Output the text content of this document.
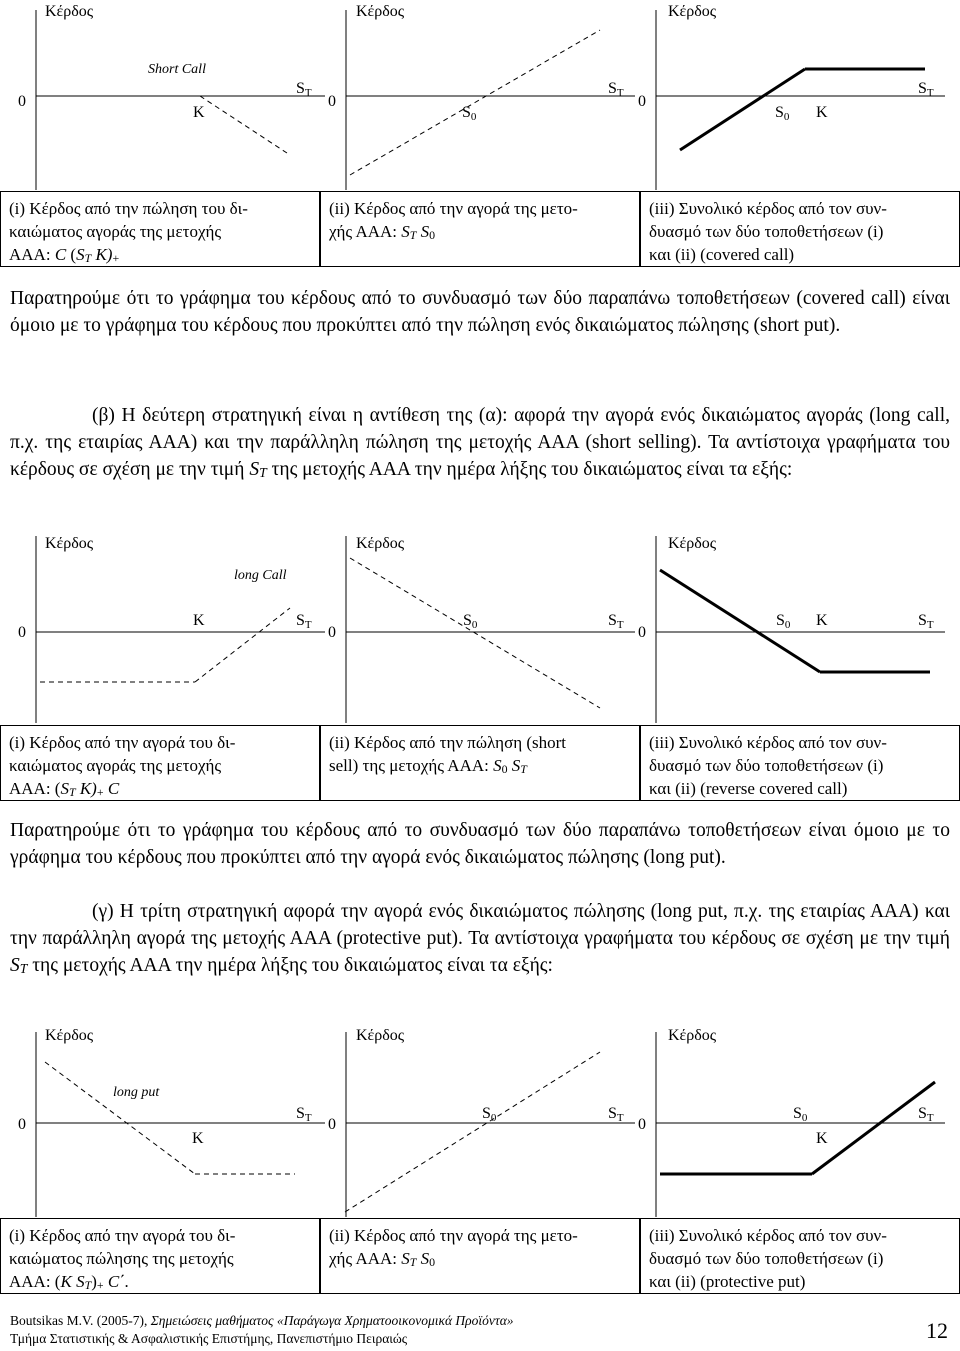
Κέρδος
0
ST
K
Short Call
Κέρδος
0
ST
S0
Κέρδος
0
ST
S0 K
(i) Κέρδος από την πώληση του δι-
καιώματος αγοράς της μετοχής
ΑΑΑ: C ($S_T$ $K)_+$
(ii) Κέρδος από την αγορά της μετο-
χής ΑΑΑ: $S_T$ $S_0$
(iii) Συνολικό κέρδος από τον συν-
δυασμό των δύο τοποθετήσεων (i)
και (ii) (covered call)

Παρατηρούμε ότι το γράφημα του κέρδους από το συνδυασμό των δύο παραπάνω τοποθετήσεων (covered call) είναι όμοιο με το γράφημα του κέρδους που προκύπτει από την πώληση ενός δικαιώματος πώλησης (short put).

(β) Η δεύτερη στρατηγική είναι η αντίθεση της (α): αφορά την αγορά ενός δικαιώματος αγοράς (long call, π.χ. της εταιρίας ΑΑΑ) και την παράλληλη πώληση της μετοχής ΑΑΑ (short selling). Τα αντίστοιχα γραφήματα του κέρδους σε σχέση με την τιμή $S_T$ της μετοχής ΑΑΑ την ημέρα λήξης του δικαιώματος είναι τα εξής:

Κέρδος
0
ST
K
long Call
Κέρδος
0
ST
S0
Κέρδος
0
ST
S0 K
(i) Κέρδος από την αγορά του δι-
καιώματος αγοράς της μετοχής
ΑΑΑ: ($S_T$ $K)_+$ C
(ii) Κέρδος από την πώληση (short
sell) της μετοχής ΑΑΑ: $S_0$ $S_T$
(iii) Συνολικό κέρδος από τον συν-
δυασμό των δύο τοποθετήσεων (i)
και (ii) (reverse covered call)

Παρατηρούμε ότι το γράφημα του κέρδους από το συνδυασμό των δύο παραπάνω τοποθετήσεων είναι όμοιο με το γράφημα του κέρδους που προκύπτει από την αγορά ενός δικαιώματος πώλησης (long put).

(γ) Η τρίτη στρατηγική αφορά την αγορά ενός δικαιώματος πώλησης (long put, π.χ. της εταιρίας ΑΑΑ) και την παράλληλη αγορά της μετοχής ΑΑΑ (protective put). Τα αντίστοιχα γραφήματα του κέρδους σε σχέση με την τιμή $S_T$ της μετοχής ΑΑΑ την ημέρα λήξης του δικαιώματος είναι τα εξής:

Κέρδος
0
ST
K
long put
Κέρδος
0
ST
S0
Κέρδος
0
ST
S0
K
(i) Κέρδος από την αγορά του δι-
καιώματος πώλησης της μετοχής
ΑΑΑ: (K $S_T)_+$ C΄.
(ii) Κέρδος από την αγορά της μετο-
χής ΑΑΑ: $S_T$ $S_0$
(iii) Συνολικό κέρδος από τον συν-
δυασμό των δύο τοποθετήσεων (i)
και (ii) (protective put)
Boutsikas M.V. (2005-7), Σημειώσεις μαθήματος «Παράγωγα Χρηματοοικονομικά Προϊόντα»
Τμήμα Στατιστικής & Ασφαλιστικής Επιστήμης, Πανεπιστήμιο Πειραιώς	12
